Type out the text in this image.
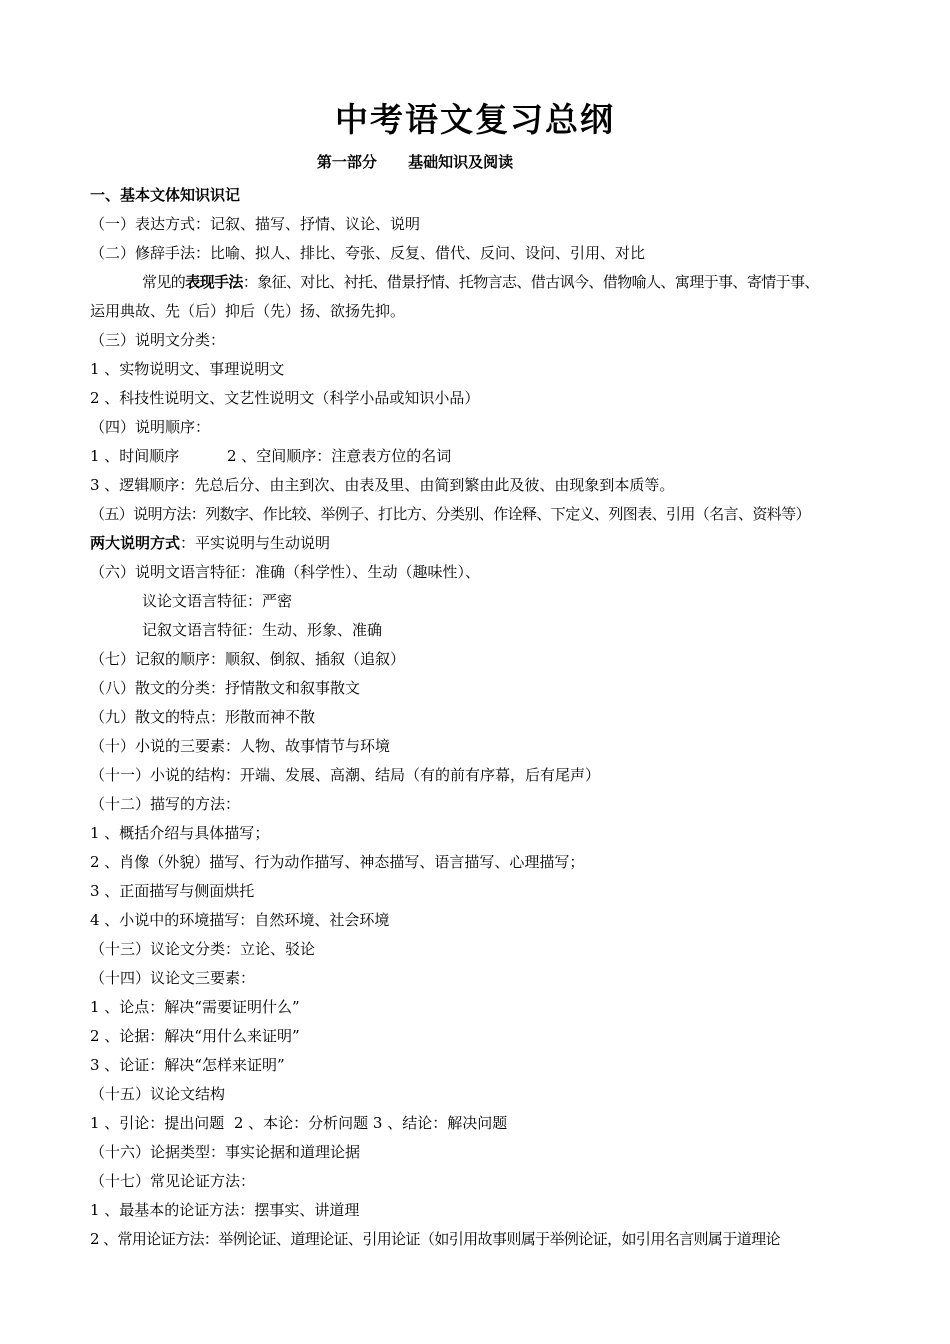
中考语文复习总纲
第一部分      基础知识及阅读
一、基本文体知识识记
（一）表达方式：记叙、描写、抒情、议论、说明
（二）修辞手法：比喻、拟人、排比、夸张、反复、借代、反问、设问、引用、对比
常见的表现手法：象征、对比、衬托、借景抒情、托物言志、借古讽今、借物喻人、寓理于事、寄情于事、
运用典故、先（后）抑后（先）扬、欲扬先抑。
（三）说明文分类：
1 、实物说明文、事理说明文
2 、科技性说明文、文艺性说明文（科学小品或知识小品）
（四）说明顺序：
1 、时间顺序          2 、空间顺序：注意表方位的名词
3 、逻辑顺序：先总后分、由主到次、由表及里、由简到繁由此及彼、由现象到本质等。
（五）说明方法：列数字、作比较、举例子、打比方、分类别、作诠释、下定义、列图表、引用（名言、资料等）
两大说明方式：平实说明与生动说明
（六）说明文语言特征：准确（科学性）、生动（趣味性）、
议论文语言特征：严密
记叙文语言特征：生动、形象、准确
（七）记叙的顺序：顺叙、倒叙、插叙（追叙）
（八）散文的分类：抒情散文和叙事散文
（九）散文的特点：形散而神不散
（十）小说的三要素：人物、故事情节与环境
（十一）小说的结构：开端、发展、高潮、结局（有的前有序幕，后有尾声）
（十二）描写的方法：
1 、概括介绍与具体描写；
2 、肖像（外貌）描写、行为动作描写、神态描写、语言描写、心理描写；
3 、正面描写与侧面烘托
4 、小说中的环境描写：自然环境、社会环境
（十三）议论文分类：立论、驳论
（十四）议论文三要素：
1 、论点：解决“需要证明什么”
2 、论据：解决“用什么来证明”
3 、论证：解决“怎样来证明”
（十五）议论文结构
1 、引论：提出问题  2 、本论：分析问题 3 、结论：解决问题
（十六）论据类型：事实论据和道理论据
（十七）常见论证方法：
1 、最基本的论证方法：摆事实、讲道理
2 、常用论证方法：举例论证、道理论证、引用论证（如引用故事则属于举例论证，如引用名言则属于道理论
